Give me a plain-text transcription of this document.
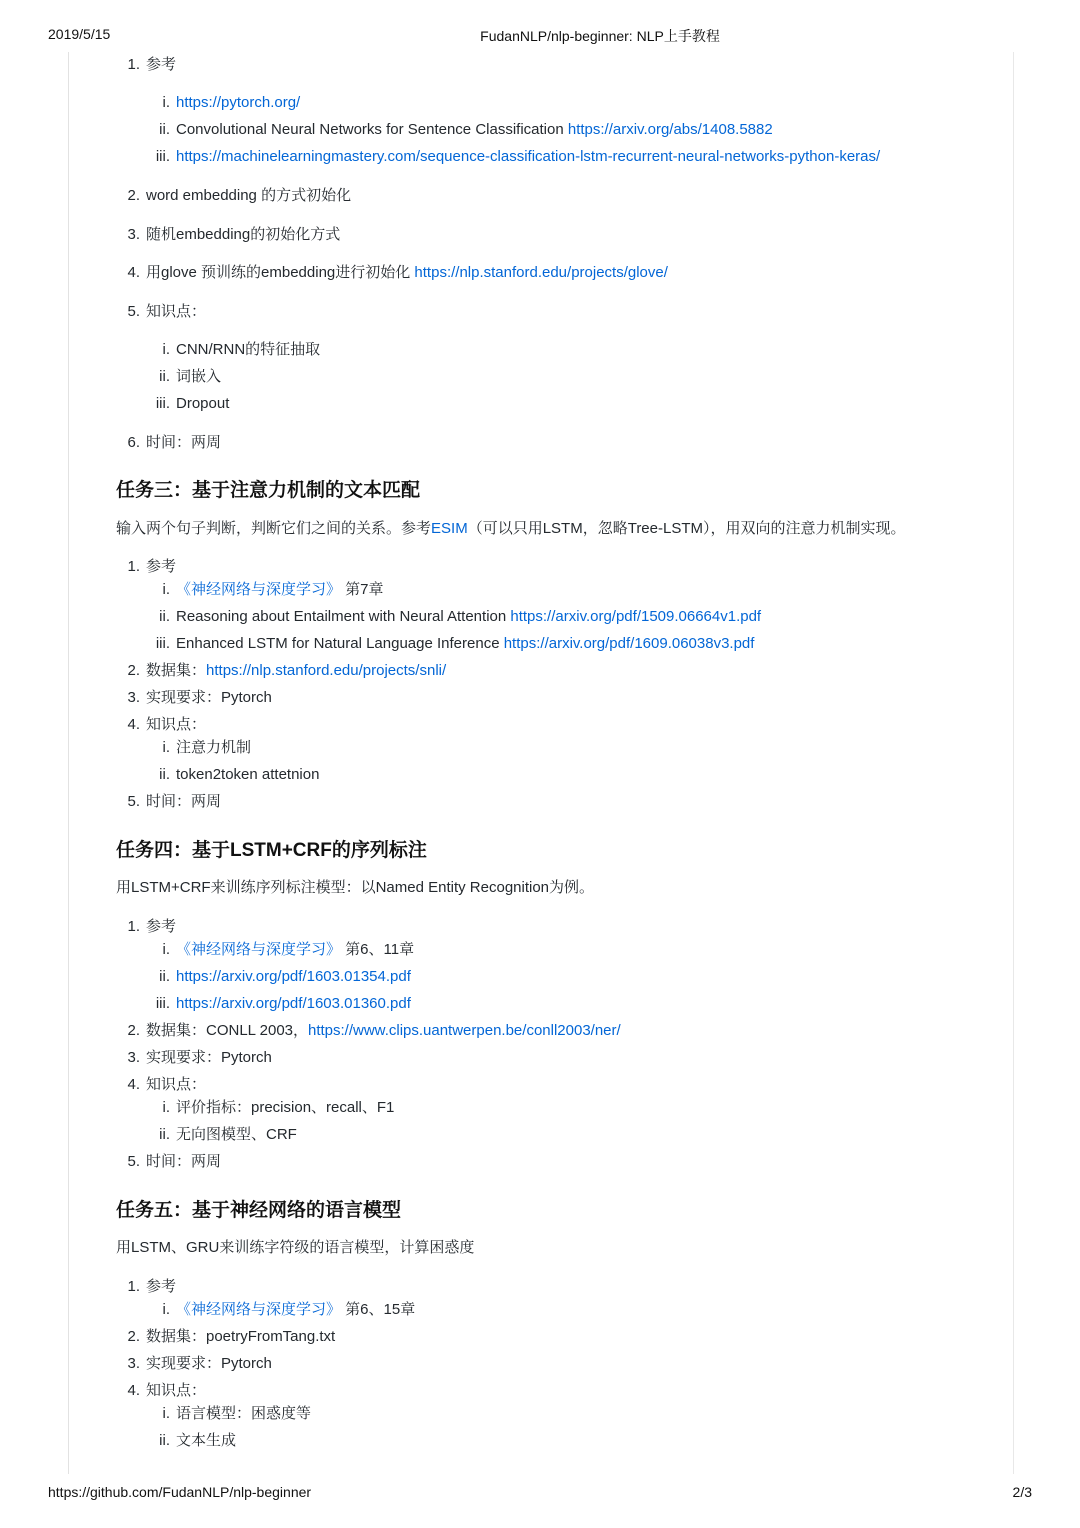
2019/5/15	FudanNLP/nlp-beginner: NLP上手教程
1. 参考
i. https://pytorch.org/
ii. Convolutional Neural Networks for Sentence Classification https://arxiv.org/abs/1408.5882
iii. https://machinelearningmastery.com/sequence-classification-lstm-recurrent-neural-networks-python-keras/
2. word embedding 的方式初始化
3. 随机embedding的初始化方式
4. 用glove 预训练的embedding进行初始化 https://nlp.stanford.edu/projects/glove/
5. 知识点：
i. CNN/RNN的特征抽取
ii. 词嵌入
iii. Dropout
6. 时间：两周
任务三：基于注意力机制的文本匹配
输入两个句子判断，判断它们之间的关系。参考ESIM（可以只用LSTM，忽略Tree-LSTM），用双向的注意力机制实现。
1. 参考
i. 《神经网络与深度学习》 第7章
ii. Reasoning about Entailment with Neural Attention https://arxiv.org/pdf/1509.06664v1.pdf
iii. Enhanced LSTM for Natural Language Inference https://arxiv.org/pdf/1609.06038v3.pdf
2. 数据集：https://nlp.stanford.edu/projects/snli/
3. 实现要求：Pytorch
4. 知识点：
i. 注意力机制
ii. token2token attetnion
5. 时间：两周
任务四：基于LSTM+CRF的序列标注
用LSTM+CRF来训练序列标注模型：以Named Entity Recognition为例。
1. 参考
i. 《神经网络与深度学习》 第6、11章
ii. https://arxiv.org/pdf/1603.01354.pdf
iii. https://arxiv.org/pdf/1603.01360.pdf
2. 数据集：CONLL 2003，https://www.clips.uantwerpen.be/conll2003/ner/
3. 实现要求：Pytorch
4. 知识点：
i. 评价指标：precision、recall、F1
ii. 无向图模型、CRF
5. 时间：两周
任务五：基于神经网络的语言模型
用LSTM、GRU来训练字符级的语言模型，计算困惑度
1. 参考
i. 《神经网络与深度学习》 第6、15章
2. 数据集：poetryFromTang.txt
3. 实现要求：Pytorch
4. 知识点：
i. 语言模型：困惑度等
ii. 文本生成
https://github.com/FudanNLP/nlp-beginner	2/3
